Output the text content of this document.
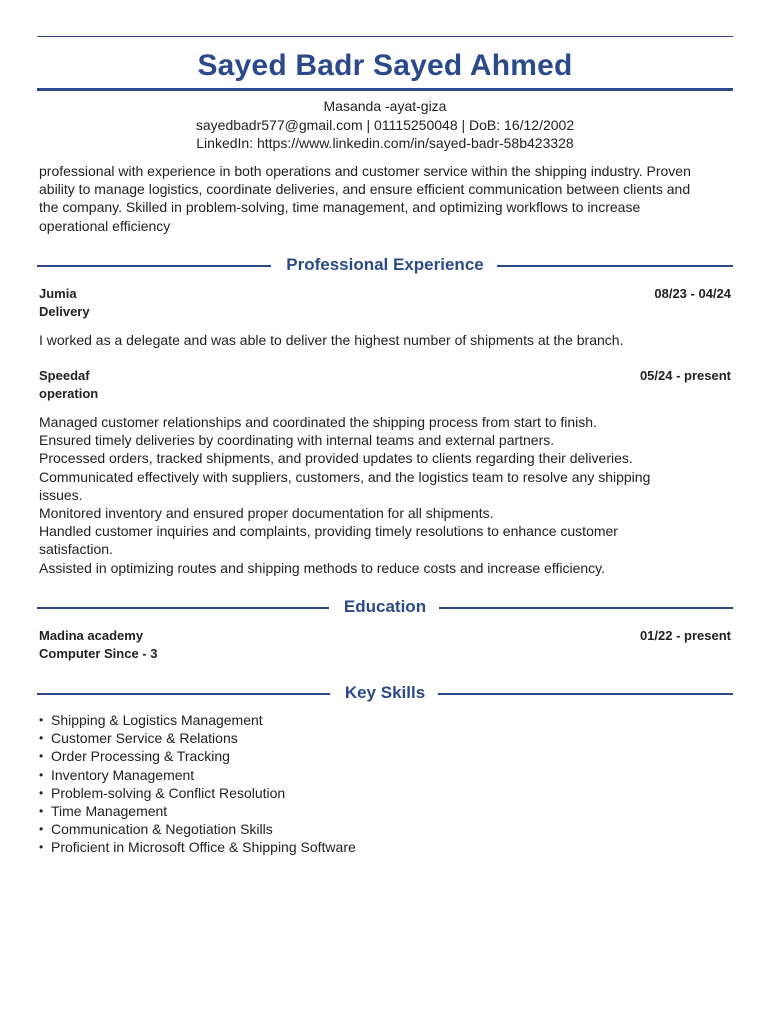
Sayed Badr Sayed Ahmed
Masanda -ayat-giza
sayedbadr577@gmail.com | 01115250048 | DoB: 16/12/2002
LinkedIn: https://www.linkedin.com/in/sayed-badr-58b423328
professional with experience in both operations and customer service within the shipping industry. Proven
ability to manage logistics, coordinate deliveries, and ensure efficient communication between clients and
the company. Skilled in problem-solving, time management, and optimizing workflows to increase
operational efficiency
Professional Experience
Jumia	08/23 - 04/24
Delivery
I worked as a delegate and was able to deliver the highest number of shipments at the branch.
Speedaf	05/24 - present
operation
Managed customer relationships and coordinated the shipping process from start to finish.
Ensured timely deliveries by coordinating with internal teams and external partners.
Processed orders, tracked shipments, and provided updates to clients regarding their deliveries.
Communicated effectively with suppliers, customers, and the logistics team to resolve any shipping
issues.
Monitored inventory and ensured proper documentation for all shipments.
Handled customer inquiries and complaints, providing timely resolutions to enhance customer
satisfaction.
Assisted in optimizing routes and shipping methods to reduce costs and increase efficiency.
Education
Madina academy	01/22 - present
Computer Since - 3
Key Skills
• Shipping & Logistics Management
• Customer Service & Relations
• Order Processing & Tracking
• Inventory Management
• Problem-solving & Conflict Resolution
• Time Management
• Communication & Negotiation Skills
• Proficient in Microsoft Office & Shipping Software
